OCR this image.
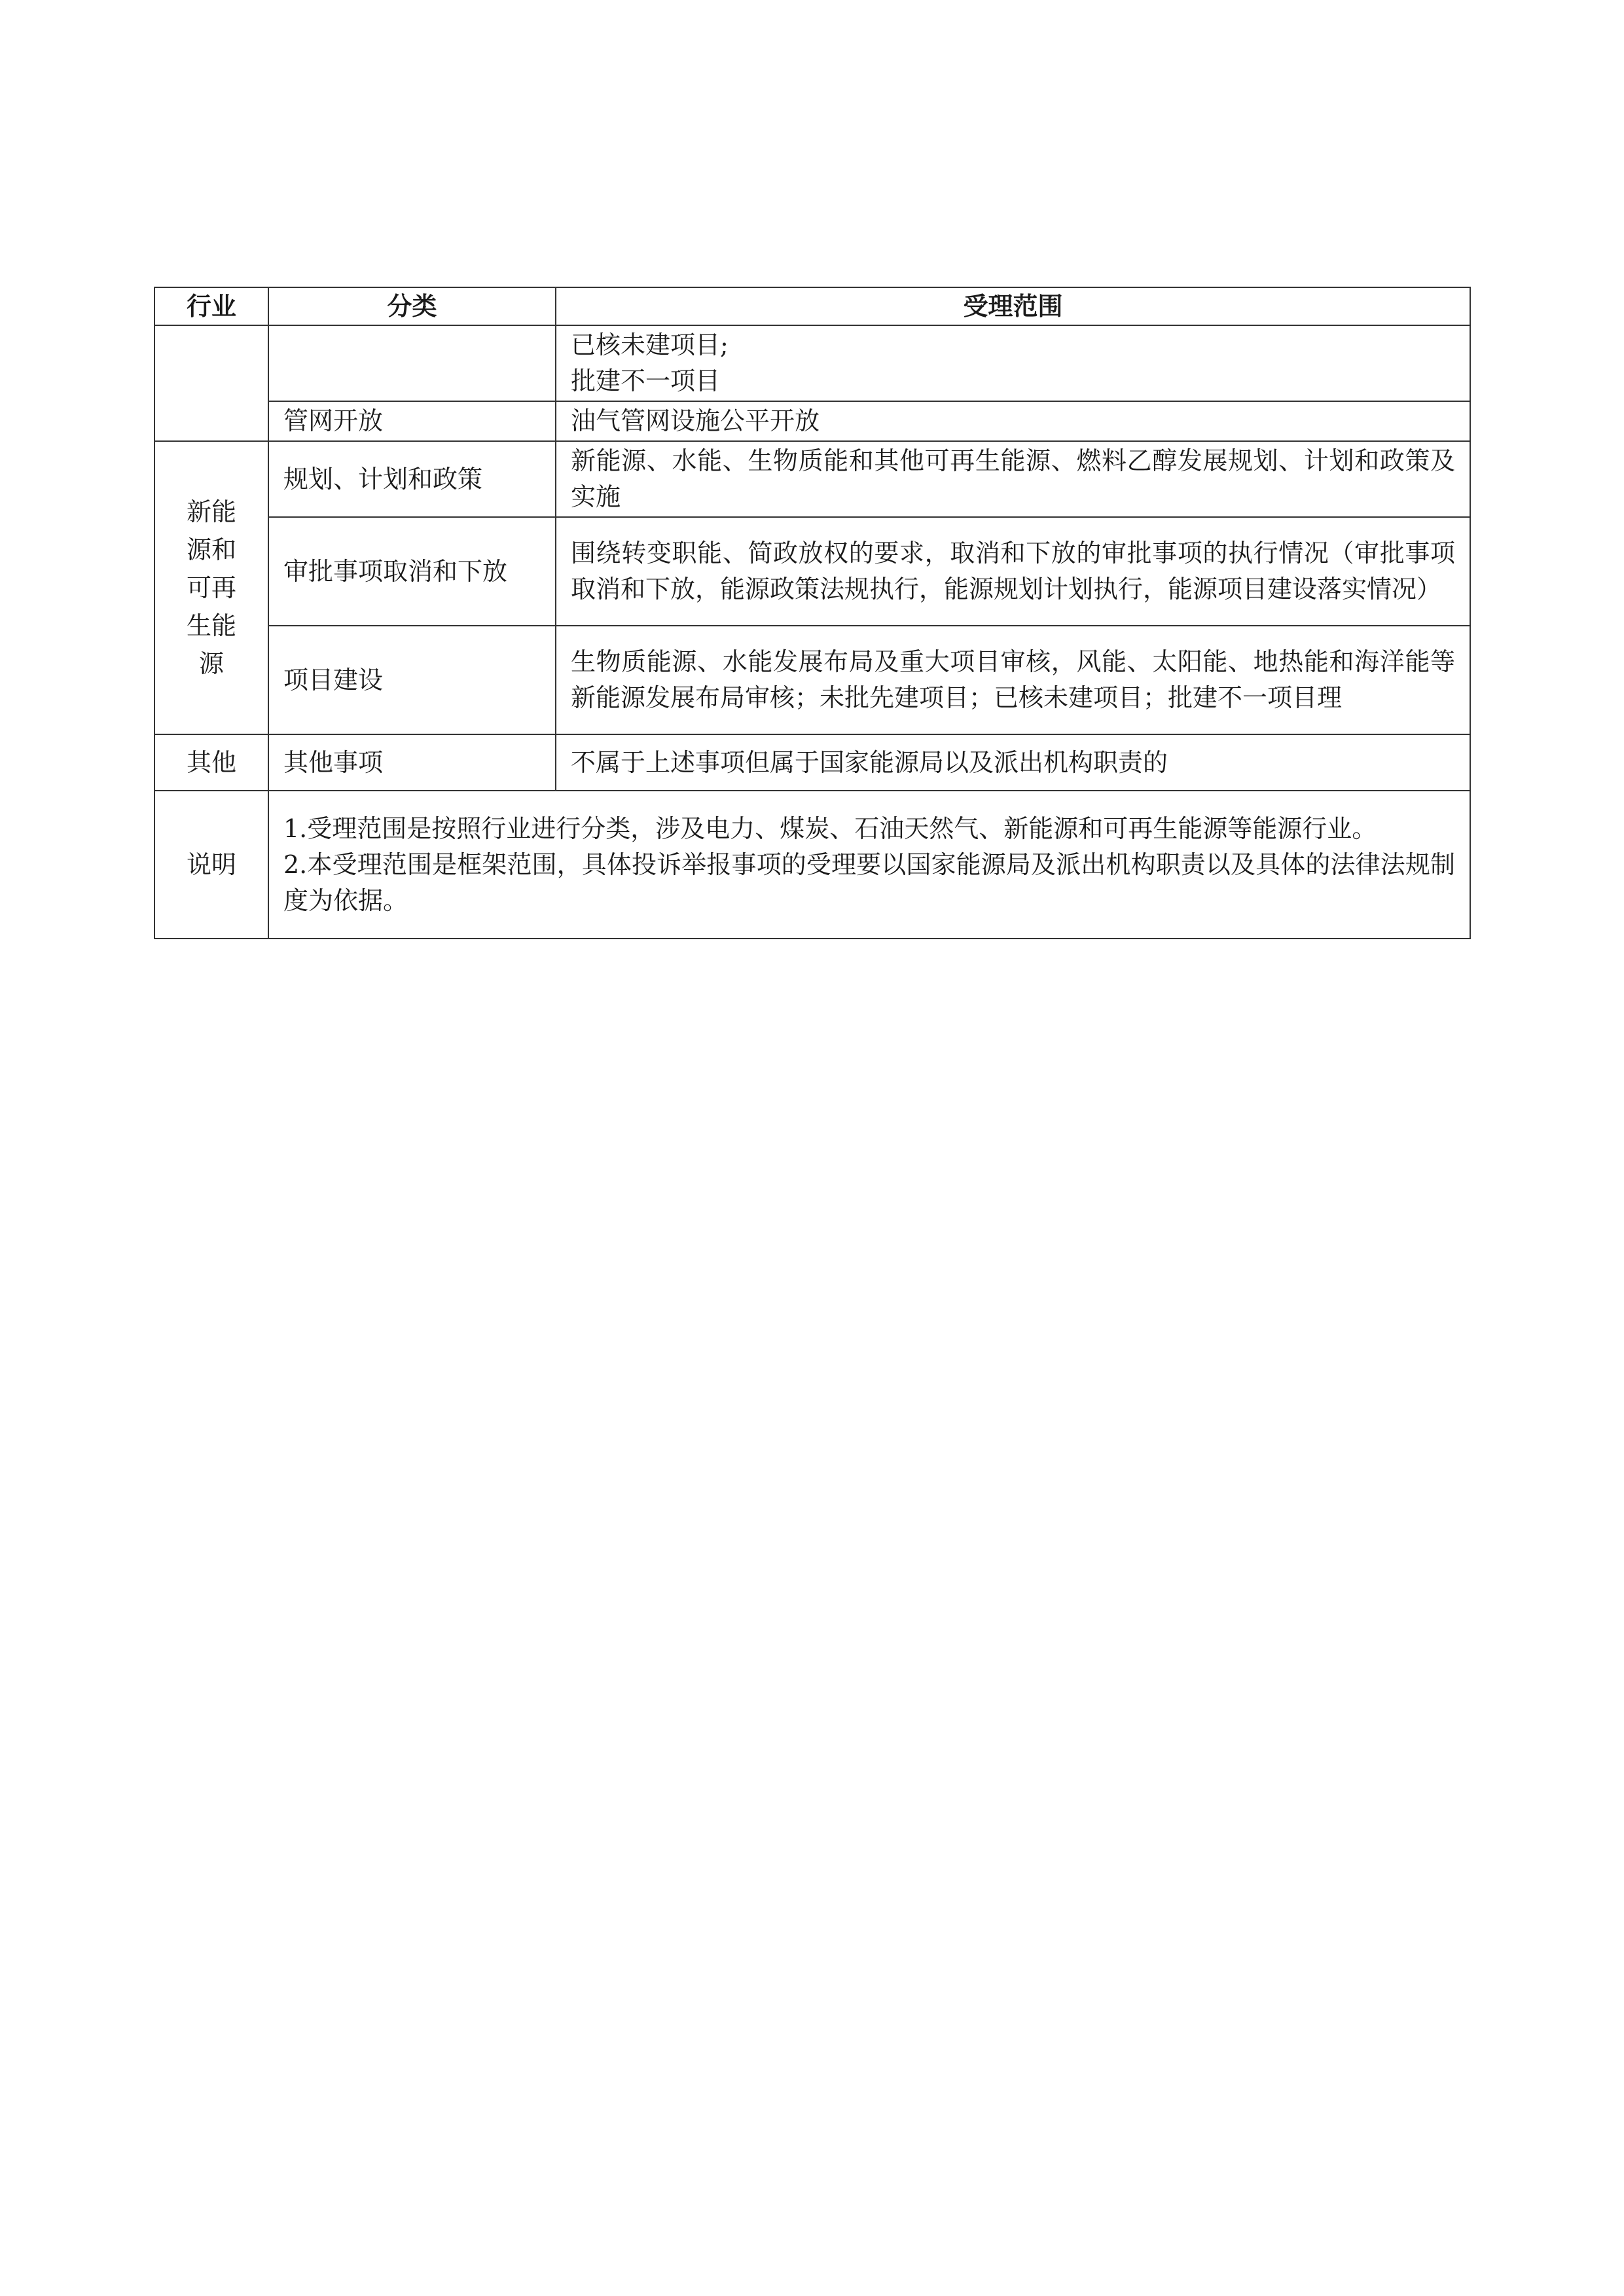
行业	分类	受理范围

		已核未建项目;
批建不一项目

	管网开放	油气管网设施公平开放

新能
源和
可再
生能
源	规划、计划和政策	新能源、水能、生物质能和其他可再生能源、燃料乙醇发展规划、计划和政策及实施
	审批事项取消和下放	围绕转变职能、简政放权的要求，取消和下放的审批事项的执行情况（审批事项取消和下放，能源政策法规执行，能源规划计划执行，能源项目建设落实情况）
	项目建设	生物质能源、水能发展布局及重大项目审核，风能、太阳能、地热能和海洋能等新能源发展布局审核；未批先建项目；已核未建项目；批建不一项目理
其他	其他事项	不属于上述事项但属于国家能源局以及派出机构职责的
说明	1.受理范围是按照行业进行分类，涉及电力、煤炭、石油天然气、新能源和可再生能源等能源行业。
2.本受理范围是框架范围，具体投诉举报事项的受理要以国家能源局及派出机构职责以及具体的法律法规制度为依据。	
